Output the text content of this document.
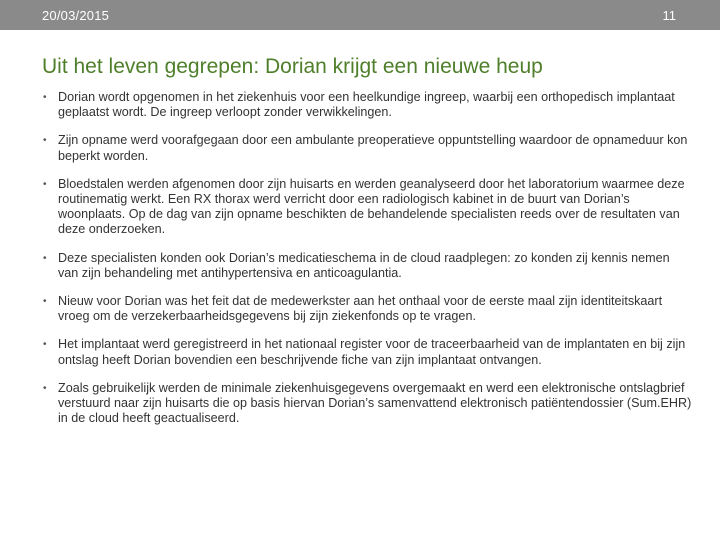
20/03/2015	11
Uit het leven gegrepen: Dorian krijgt een nieuwe heup
• Dorian wordt opgenomen in het ziekenhuis voor een heelkundige ingreep, waarbij een orthopedisch implantaat geplaatst wordt. De ingreep verloopt zonder verwikkelingen.
• Zijn opname werd voorafgegaan door een ambulante preoperatieve oppuntstelling waardoor de opnameduur kon beperkt worden.
• Bloedstalen werden afgenomen door zijn huisarts en werden geanalyseerd door het laboratorium waarmee deze routinematig werkt. Een RX thorax werd verricht door een radiologisch kabinet in de buurt van Dorian’s woonplaats. Op de dag van zijn opname beschikten de behandelende specialisten reeds over de resultaten van deze onderzoeken.
• Deze specialisten konden ook Dorian’s medicatieschema in de cloud raadplegen: zo konden zij kennis nemen van zijn behandeling met antihypertensiva en anticoagulantia.
• Nieuw voor Dorian was het feit dat de medewerkster aan het onthaal voor de eerste maal zijn identiteitskaart vroeg om de verzekerbaarheidsgegevens bij zijn ziekenfonds op te vragen.
• Het implantaat werd geregistreerd in het nationaal register voor de traceerbaarheid van de implantaten en bij zijn ontslag heeft Dorian bovendien een beschrijvende fiche van zijn implantaat ontvangen.
• Zoals gebruikelijk werden de minimale ziekenhuisgegevens overgemaakt en werd een elektronische ontslagbrief verstuurd naar zijn huisarts die op basis hiervan Dorian’s samenvattend elektronisch patiëntendossier (Sum.EHR) in de cloud heeft geactualiseerd.
